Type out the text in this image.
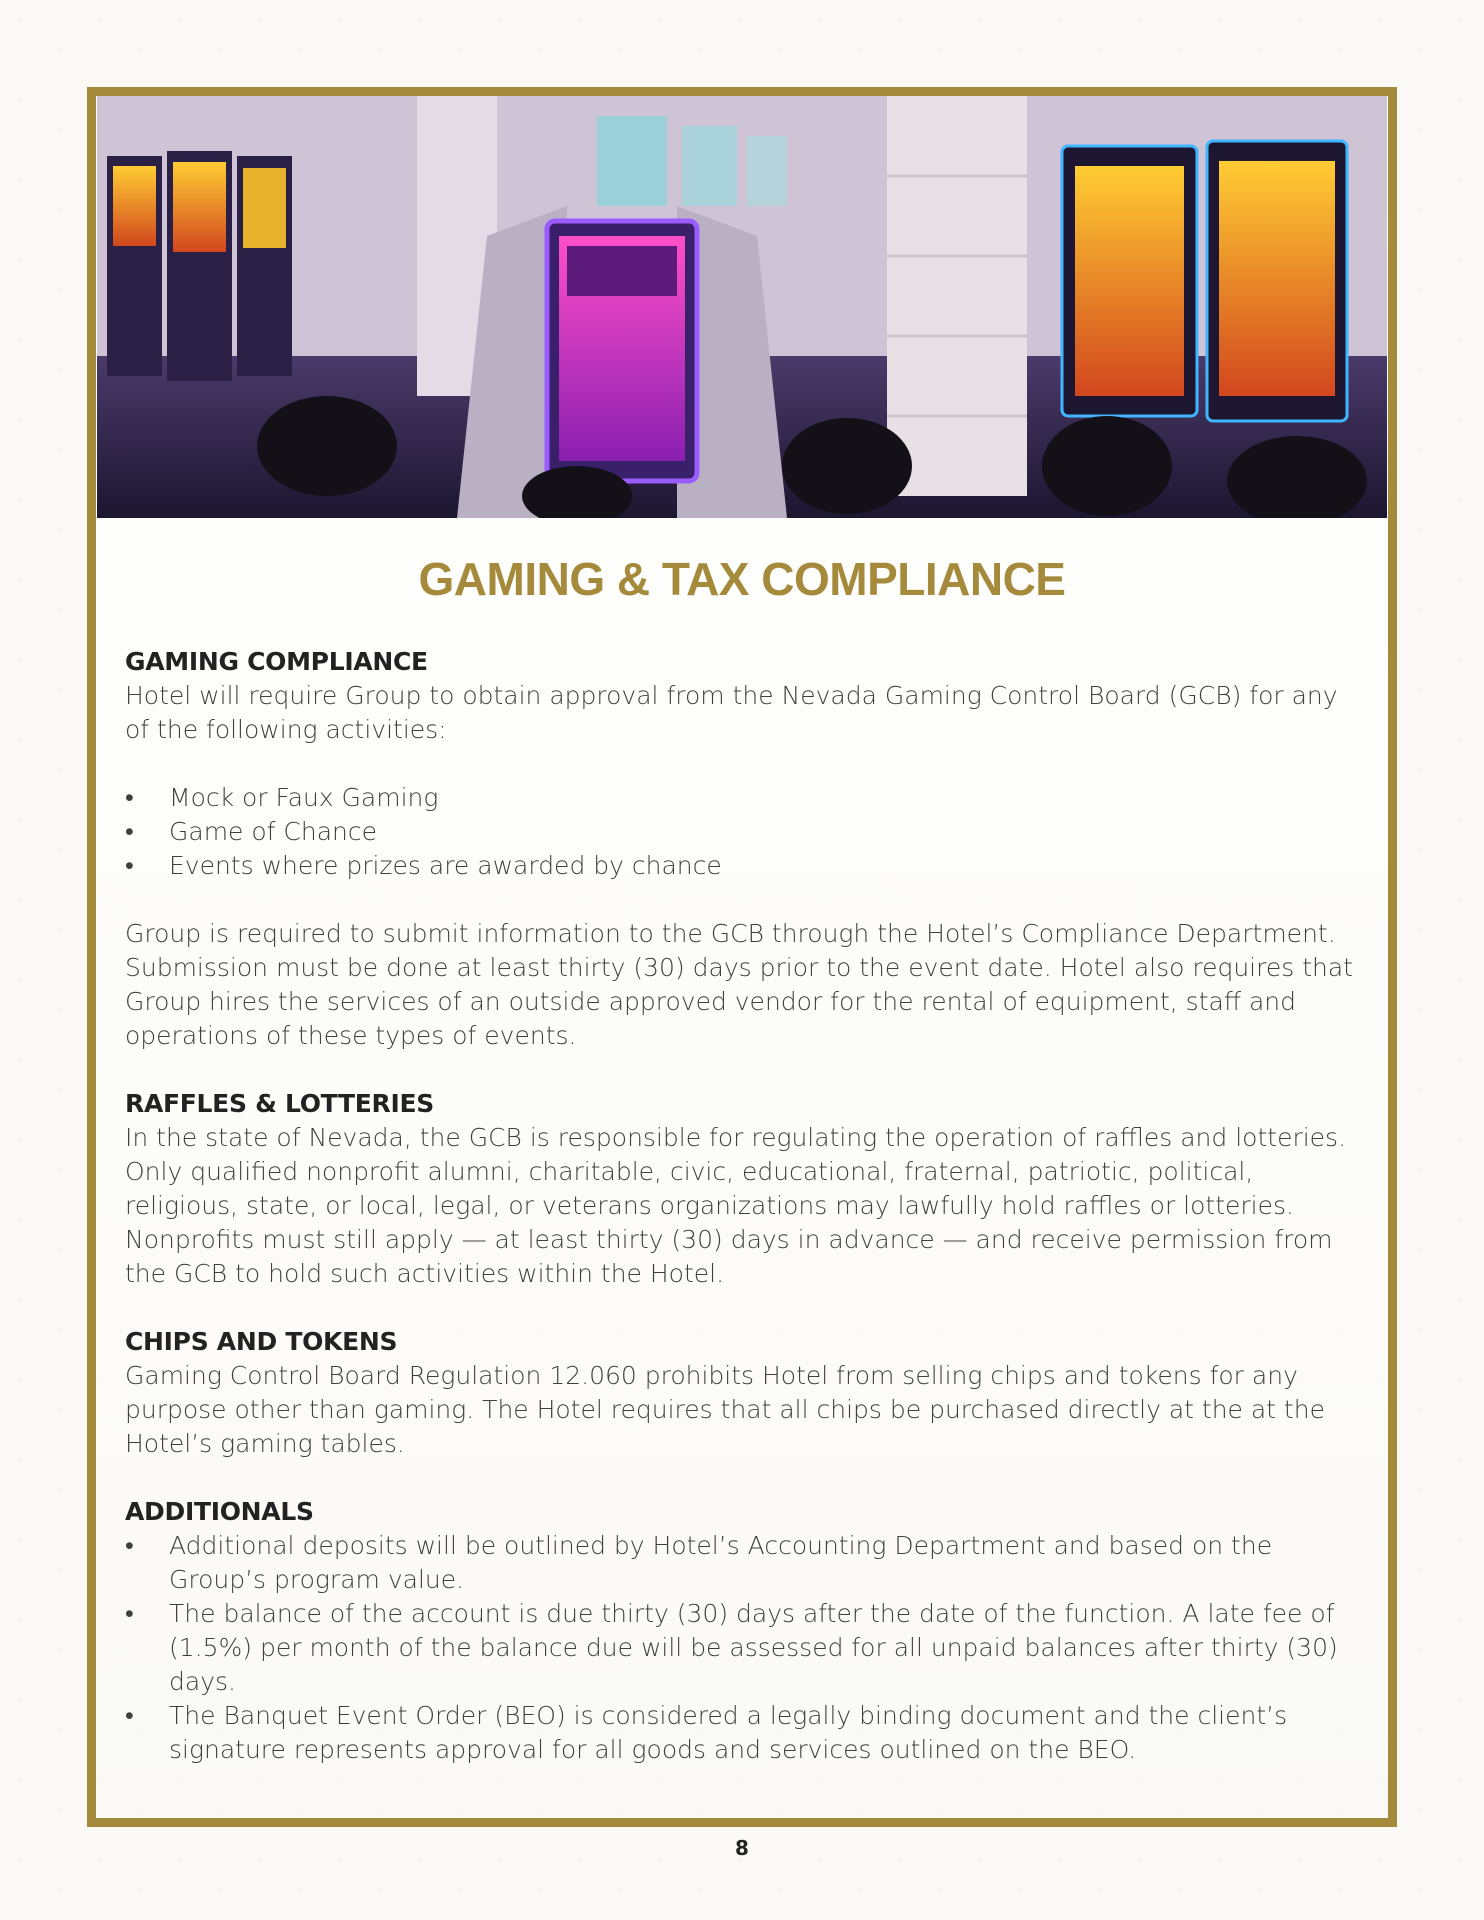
GAMING & TAX COMPLIANCE
GAMING COMPLIANCE

Hotel will require Group to obtain approval from the Nevada Gaming Control Board (GCB) for any of the following activities:

• Mock or Faux Gaming
• Game of Chance
• Events where prizes are awarded by chance

Group is required to submit information to the GCB through the Hotel’s Compliance Department. Submission must be done at least thirty (30) days prior to the event date. Hotel also requires that Group hires the services of an outside approved vendor for the rental of equipment, staff and operations of these types of events.

RAFFLES & LOTTERIES

In the state of Nevada, the GCB is responsible for regulating the operation of raffles and lotteries. Only qualified nonprofit alumni, charitable, civic, educational, fraternal, patriotic, political, religious, state, or local, legal, or veterans organizations may lawfully hold raffles or lotteries. Nonprofits must still apply — at least thirty (30) days in advance — and receive permission from the GCB to hold such activities within the Hotel.

CHIPS AND TOKENS

Gaming Control Board Regulation 12.060 prohibits Hotel from selling chips and tokens for any purpose other than gaming. The Hotel requires that all chips be purchased directly at the at the Hotel’s gaming tables.

ADDITIONALS
• Additional deposits will be outlined by Hotel’s Accounting Department and based on the Group’s program value.
• The balance of the account is due thirty (30) days after the date of the function. A late fee of (1.5%) per month of the balance due will be assessed for all unpaid balances after thirty (30) days.
• The Banquet Event Order (BEO) is considered a legally binding document and the client’s signature represents approval for all goods and services outlined on the BEO.
8
